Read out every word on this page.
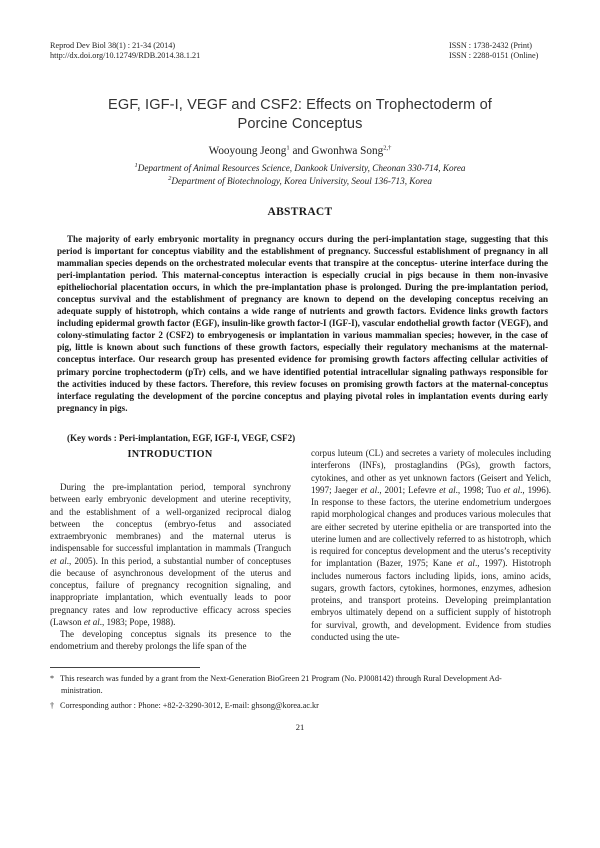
Reprod Dev Biol 38(1) : 21-34 (2014)
http://dx.doi.org/10.12749/RDB.2014.38.1.21
ISSN : 1738-2432 (Print)
ISSN : 2288-0151 (Online)
EGF, IGF-I, VEGF and CSF2: Effects on Trophectoderm of
Porcine Conceptus
Wooyoung Jeong$^1$ and Gwonhwa Song$^{2,\dagger}$
$^1$Department of Animal Resources Science, Dankook University, Cheonan 330-714, Korea
$^2$Department of Biotechnology, Korea University, Seoul 136-713, Korea
ABSTRACT
The majority of early embryonic mortality in pregnancy occurs during the peri-implantation stage, suggesting that this period is important for conceptus viability and the establishment of pregnancy. Successful establishment of pregnancy in all mammalian species depends on the orchestrated molecular events that transpire at the conceptus- uterine interface during the peri-implantation period. This maternal-conceptus interaction is especially crucial in pigs because in them non-invasive epitheliochorial placentation occurs, in which the pre-implantation phase is prolonged. During the pre-implantation period, conceptus survival and the establishment of pregnancy are known to depend on the developing conceptus receiving an adequate supply of histotroph, which contains a wide range of nutrients and growth factors. Evidence links growth factors including epidermal growth factor (EGF), insulin-like growth factor-I (IGF-I), vascular endothelial growth factor (VEGF), and colony-stimulating factor 2 (CSF2) to embryogenesis or implantation in various mammalian species; however, in the case of pig, little is known about such functions of these growth factors, especially their regulatory mechanisms at the maternal-conceptus interface. Our research group has presented evidence for promising growth factors affecting cellular activities of primary porcine trophectoderm (pTr) cells, and we have identified potential intracellular signaling pathways responsible for the activities induced by these factors. Therefore, this review focuses on promising growth factors at the maternal-conceptus interface regulating the development of the porcine conceptus and playing pivotal roles in implantation events during early pregnancy in pigs.
(Key words : Peri-implantation, EGF, IGF-I, VEGF, CSF2)
INTRODUCTION

During the pre-implantation period, temporal synchrony between early embryonic development and uterine receptivity, and the establishment of a well-organized reciprocal dialog between the conceptus (embryo-fetus and associated extraembryonic membranes) and the maternal uterus is indispensable for successful implantation in mammals (Tranguch et al., 2005). In this period, a substantial number of conceptuses die because of asynchronous development of the uterus and conceptus, failure of pregnancy recognition signaling, and inappropriate implantation, which eventually leads to poor pregnancy rates and low reproductive efficacy across species (Lawson et al., 1983; Pope, 1988).

The developing conceptus signals its presence to the endometrium and thereby prolongs the life span of the

corpus luteum (CL) and secretes a variety of molecules including interferons (INFs), prostaglandins (PGs), growth factors, cytokines, and other as yet unknown factors (Geisert and Yelich, 1997; Jaeger et al., 2001; Lefevre et al., 1998; Tuo et al., 1996). In response to these factors, the uterine endometrium undergoes rapid morphological changes and produces various molecules that are either secreted by uterine epithelia or are transported into the uterine lumen and are collectively referred to as histotroph, which is required for conceptus development and the uterus’s receptivity for implantation (Bazer, 1975; Kane et al., 1997). Histotroph includes numerous factors including lipids, ions, amino acids, sugars, growth factors, cytokines, hormones, enzymes, adhesion proteins, and transport proteins. Developing preimplantation embryos ultimately depend on a sufficient supply of histotroph for survival, growth, and development. Evidence from studies conducted using the ute-

* This research was funded by a grant from the Next-Generation BioGreen 21 Program (No. PJ008142) through Rural Development Ad-
ministration.
† Corresponding author : Phone: +82-2-3290-3012, E-mail: ghsong@korea.ac.kr
21
